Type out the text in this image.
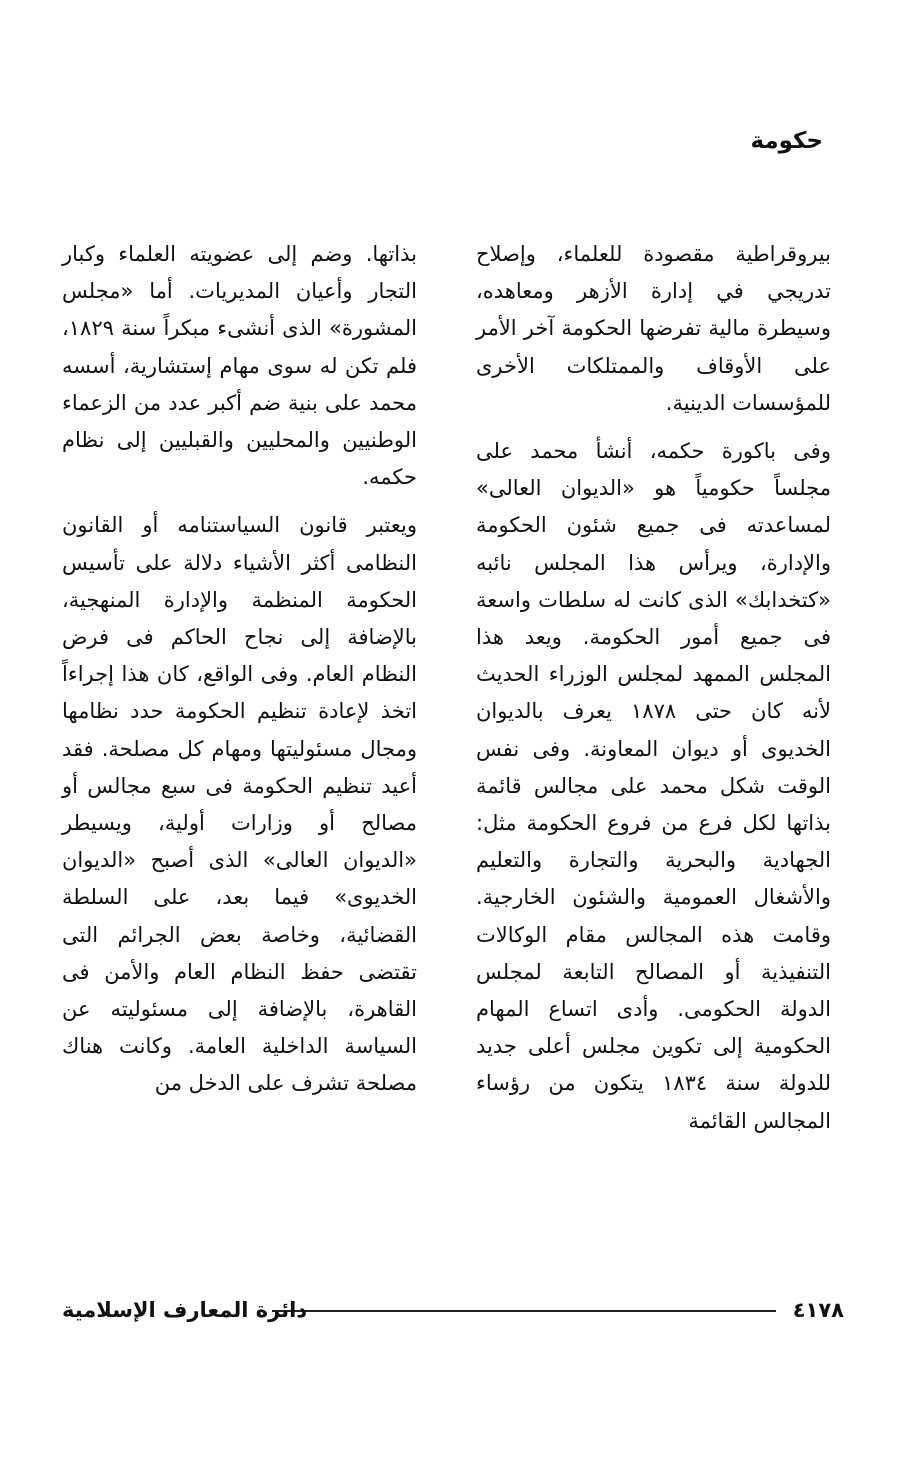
حكومة

بيروقراطية مقصودة للعلماء، وإصلاح تدريجي في إدارة الأزهر ومعاهده، وسيطرة مالية تفرضها الحكومة آخر الأمر على الأوقاف والممتلكات الأخرى للمؤسسات الدينية.

وفى باكورة حكمه، أنشأ محمد على مجلساً حكومياً هو «الديوان العالى» لمساعدته فى جميع شئون الحكومة والإدارة، ويرأس هذا المجلس نائبه «كتخدابك» الذى كانت له سلطات واسعة فى جميع أمور الحكومة. ويعد هذا المجلس الممهد لمجلس الوزراء الحديث لأنه كان حتى ١٨٧٨ يعرف بالديوان الخديوى أو ديوان المعاونة. وفى نفس الوقت شكل محمد على مجالس قائمة بذاتها لكل فرع من فروع الحكومة مثل: الجهادية والبحرية والتجارة والتعليم والأشغال العمومية والشئون الخارجية. وقامت هذه المجالس مقام الوكالات التنفيذية أو المصالح التابعة لمجلس الدولة الحكومى. وأدى اتساع المهام الحكومية إلى تكوين مجلس أعلى جديد للدولة سنة ١٨٣٤ يتكون من رؤساء المجالس القائمة

بذاتها. وضم إلى عضويته العلماء وكبار التجار وأعيان المديريات. أما «مجلس المشورة» الذى أنشىء مبكراً سنة ١٨٢٩، فلم تكن له سوى مهام إستشارية، أسسه محمد على بنية ضم أكبر عدد من الزعماء الوطنيين والمحليين والقبليين إلى نظام حكمه.

ويعتبر قانون السياستنامه أو القانون النظامى أكثر الأشياء دلالة على تأسيس الحكومة المنظمة والإدارة المنهجية، بالإضافة إلى نجاح الحاكم فى فرض النظام العام. وفى الواقع، كان هذا إجراءاً اتخذ لإعادة تنظيم الحكومة حدد نظامها ومجال مسئوليتها ومهام كل مصلحة. فقد أعيد تنظيم الحكومة فى سبع مجالس أو مصالح أو وزارات أولية، ويسيطر «الديوان العالى» الذى أصبح «الديوان الخديوى» فيما بعد، على السلطة القضائية، وخاصة بعض الجرائم التى تقتضى حفظ النظام العام والأمن فى القاهرة، بالإضافة إلى مسئوليته عن السياسة الداخلية العامة. وكانت هناك مصلحة تشرف على الدخل من

٤١٧٨
دائرة المعارف الإسلامية
